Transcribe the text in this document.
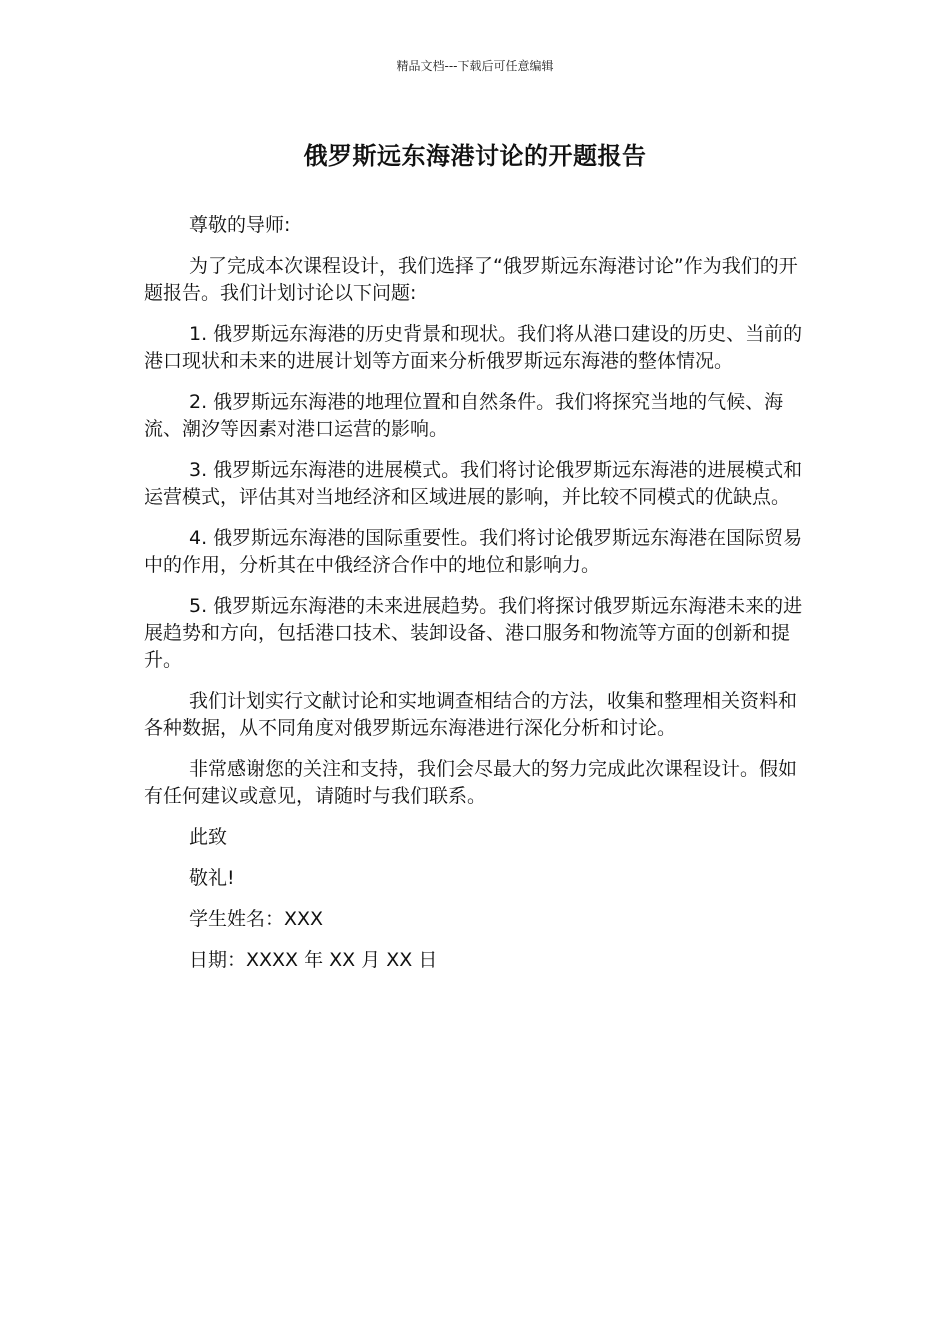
精品文档---下载后可任意编辑
俄罗斯远东海港讨论的开题报告

尊敬的导师:

为了完成本次课程设计，我们选择了“俄罗斯远东海港讨论”作为我们的开题报告。我们计划讨论以下问题:

1. 俄罗斯远东海港的历史背景和现状。我们将从港口建设的历史、当前的港口现状和未来的进展计划等方面来分析俄罗斯远东海港的整体情况。

2. 俄罗斯远东海港的地理位置和自然条件。我们将探究当地的气候、海流、潮汐等因素对港口运营的影响。

3. 俄罗斯远东海港的进展模式。我们将讨论俄罗斯远东海港的进展模式和运营模式，评估其对当地经济和区域进展的影响，并比较不同模式的优缺点。

4. 俄罗斯远东海港的国际重要性。我们将讨论俄罗斯远东海港在国际贸易中的作用，分析其在中俄经济合作中的地位和影响力。

5. 俄罗斯远东海港的未来进展趋势。我们将探讨俄罗斯远东海港未来的进展趋势和方向，包括港口技术、装卸设备、港口服务和物流等方面的创新和提升。

我们计划实行文献讨论和实地调查相结合的方法，收集和整理相关资料和各种数据，从不同角度对俄罗斯远东海港进行深化分析和讨论。

非常感谢您的关注和支持，我们会尽最大的努力完成此次课程设计。假如有任何建议或意见，请随时与我们联系。

此致

敬礼!

学生姓名：XXX

日期：XXXX 年 XX 月 XX 日
